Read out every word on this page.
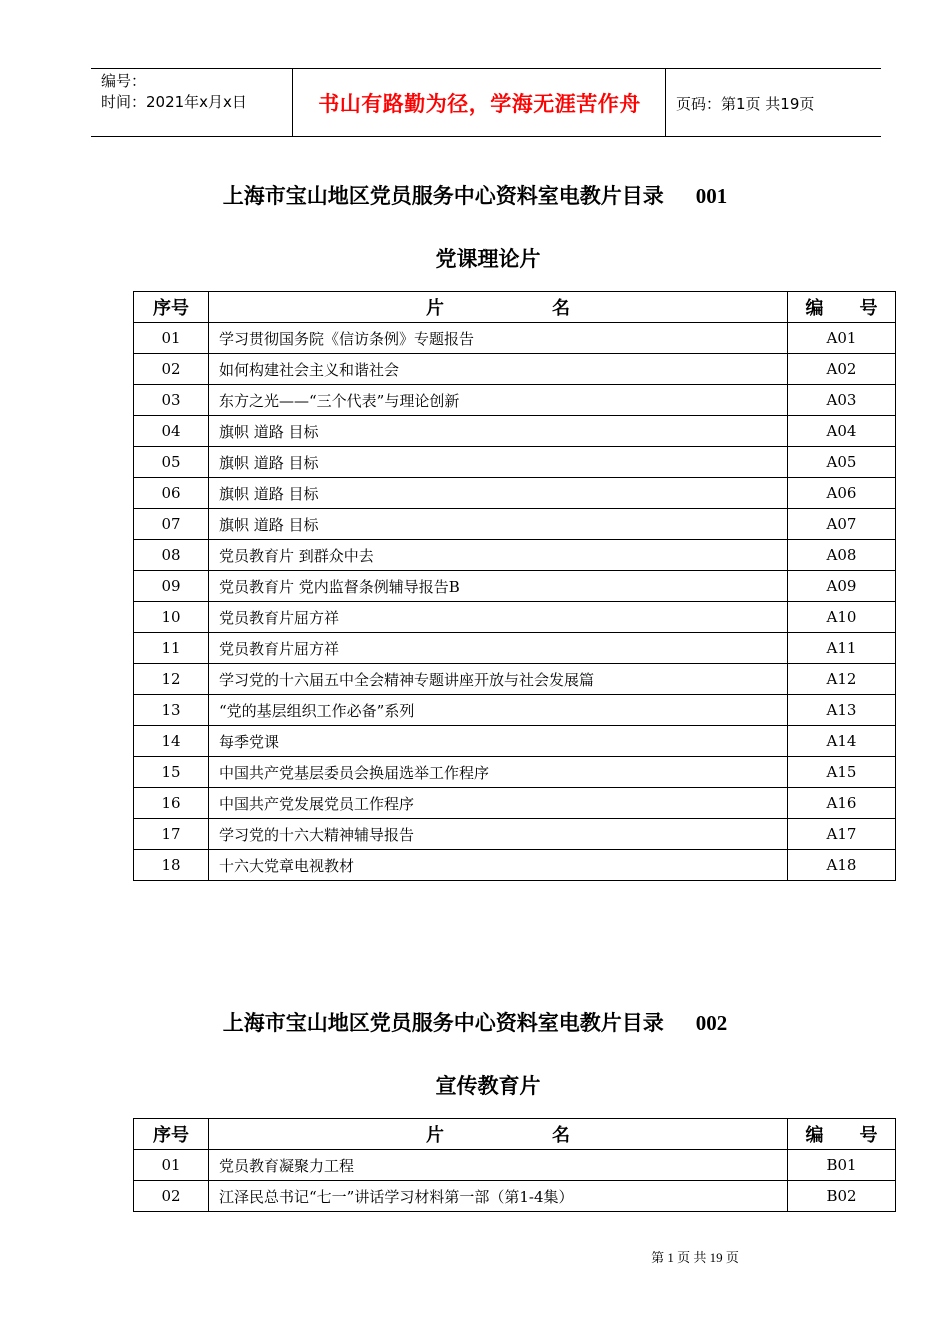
编号：
时间：2021年x月x日	书山有路勤为径，学海无涯苦作舟	页码：第1页 共19页
上海市宝山地区党员服务中心资料室电教片目录 001
党课理论片
序号	片　　　　　　名	编　　号
01	学习贯彻国务院《信访条例》专题报告	A01
02	如何构建社会主义和谐社会	A02
03	东方之光——“三个代表”与理论创新	A03
04	旗帜 道路 目标	A04
05	旗帜 道路 目标	A05
06	旗帜 道路 目标	A06
07	旗帜 道路 目标	A07
08	党员教育片 到群众中去	A08
09	党员教育片 党内监督条例辅导报告B	A09
10	党员教育片屈方祥	A10
11	党员教育片屈方祥	A11
12	学习党的十六届五中全会精神专题讲座开放与社会发展篇	A12
13	“党的基层组织工作必备”系列	A13
14	每季党课	A14
15	中国共产党基层委员会换届选举工作程序	A15
16	中国共产党发展党员工作程序	A16
17	学习党的十六大精神辅导报告	A17
18	十六大党章电视教材	A18
上海市宝山地区党员服务中心资料室电教片目录 002
宣传教育片
序号	片　　　　　　名	编　　号
01	党员教育凝聚力工程	B01
02	江泽民总书记“七一”讲话学习材料第一部（第1-4集）	B02
第 1 页 共 19 页
